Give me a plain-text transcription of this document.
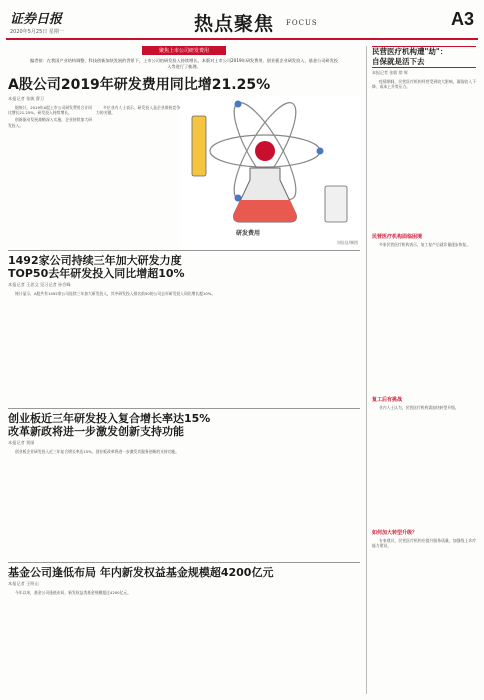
证券日报
2020年5月25日 星期一	热点聚焦 FOCUS	A3
聚焦上市公司研发费用
编者按：在我国产业结构调整、科技创新加快发展的背景下，上市公司的研发投入持续增长。本版对上市公司2019年研发费用、创业板企业研发投入、基金公司研发投入等进行了梳理。
A股公司2019年研发费用同比增21.25%
本报记者 张敏 曹卫

据统计，2019年A股上市公司研发费用合计同比增长21.25%，研发投入持续增长。

创新驱动发展战略深入实施，企业持续加大研发投入。

多位业内人士表示，研发投入是企业保持竞争力的关键。

研发费用
刘佳仪/制图
1492家公司持续三年加大研发力度
TOP50去年研发投入同比增超10%
本报记者 王思文 见习记者 孙会峰

统计显示，A股共有1492家公司连续三年加大研发投入，其中研发投入排名前50的公司去年研发投入同比增长超10%。

创业板近三年研发投入复合增长率达15%
改革新政将进一步激发创新支持功能
本报记者 贾丽

创业板企业研发投入近三年复合增长率达15%，创业板改革将进一步激发其服务创新的支持功能。

基金公司逢低布局 年内新发权益基金规模超4200亿元
本报记者 王明山

今年以来，基金公司逢低布局，新发权益类基金规模超过4200亿元。

民营医疗机构遭"劫"：
自保就是活下去
本报记者 张敏 徐 辉

疫情期间，民营医疗机构经营受到较大影响，面临收入下降、成本上升等压力。

民营医疗机构面临困境

多家民营医疗机构表示，复工复产后就诊量逐步恢复。

复工后有挑战

业内人士认为，民营医疗机构需加快转型升级。

如何加大转型升级？

专家建议，民营医疗机构应提升服务质量，加强线上诊疗能力建设。
